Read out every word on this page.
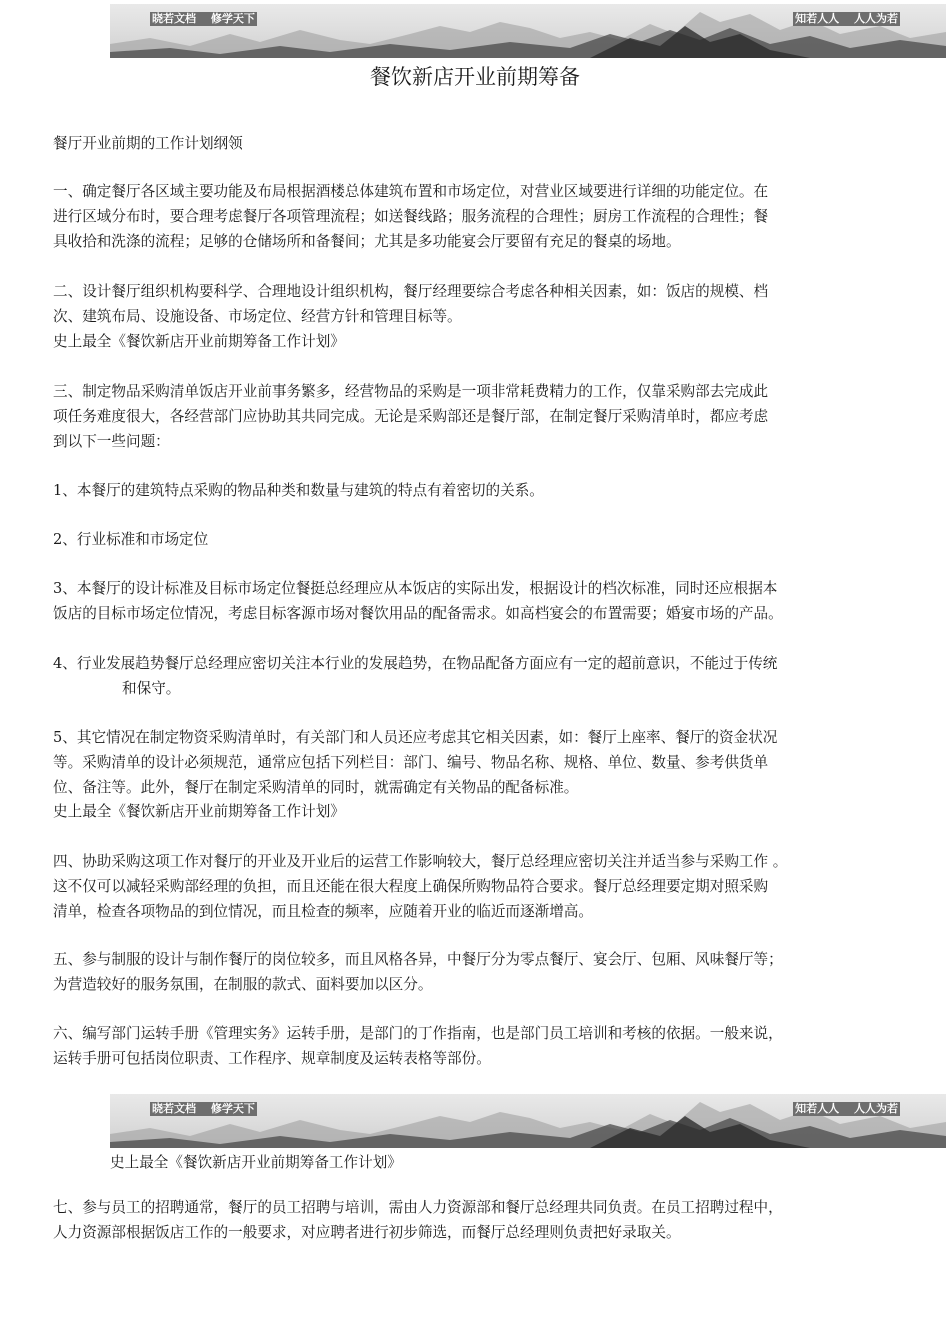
晓若文档　 修学天下	知若人人　 人人为若
餐饮新店开业前期筹备
餐厅开业前期的工作计划纲领
一、确定餐厅各区域主要功能及布局根据酒楼总体建筑布置和市场定位，对营业区域要进行详细的功能定位。在
进行区域分布时，要合理考虑餐厅各项管理流程；如送餐线路；服务流程的合理性；厨房工作流程的合理性；餐
具收拾和洗涤的流程；足够的仓储场所和备餐间；尤其是多功能宴会厅要留有充足的餐桌的场地。
二、设计餐厅组织机构要科学、合理地设计组织机构，餐厅经理要综合考虑各种相关因素，如：饭店的规模、档
次、建筑布局、设施设备、市场定位、经营方针和管理目标等。
史上最全《餐饮新店开业前期筹备工作计划》
三、制定物品采购清单饭店开业前事务繁多，经营物品的采购是一项非常耗费精力的工作，仅靠采购部去完成此
项任务难度很大，各经营部门应协助其共同完成。无论是采购部还是餐厅部，在制定餐厅采购清单时，都应考虑
到以下一些问题：
1、本餐厅的建筑特点采购的物品种类和数量与建筑的特点有着密切的关系。
2、行业标准和市场定位
3、本餐厅的设计标准及目标市场定位餐挺总经理应从本饭店的实际出发，根据设计的档次标准，同时还应根据本
饭店的目标市场定位情况，考虑目标客源市场对餐饮用品的配备需求。如高档宴会的布置需要；婚宴市场的产品。
4、行业发展趋势餐厅总经理应密切关注本行业的发展趋势，在物品配备方面应有一定的超前意识，不能过于传统
和保守。
5、其它情况在制定物资采购清单时，有关部门和人员还应考虑其它相关因素，如：餐厅上座率、餐厅的资金状况
等。采购清单的设计必须规范，通常应包括下列栏目：部门、编号、物品名称、规格、单位、数量、参考供货单
位、备注等。此外，餐厅在制定采购清单的同时，就需确定有关物品的配备标准。
史上最全《餐饮新店开业前期筹备工作计划》
四、协助采购这项工作对餐厅的开业及开业后的运营工作影响较大，餐厅总经理应密切关注并适当参与采购工作 。
这不仅可以减轻采购部经理的负担，而且还能在很大程度上确保所购物品符合要求。餐厅总经理要定期对照采购
清单，检查各项物品的到位情况，而且检查的频率，应随着开业的临近而逐渐增高。
五、参与制服的设计与制作餐厅的岗位较多，而且风格各异，中餐厅分为零点餐厅、宴会厅、包厢、风味餐厅等；
为营造较好的服务氛围，在制服的款式、面料要加以区分。
六、编写部门运转手册《管理实务》运转手册，是部门的丁作指南，也是部门员工培训和考核的依据。一般来说，
运转手册可包括岗位职责、工作程序、规章制度及运转表格等部份。
晓若文档　 修学天下	知若人人　 人人为若
史上最全《餐饮新店开业前期筹备工作计划》
七、参与员工的招聘通常，餐厅的员工招聘与培训，需由人力资源部和餐厅总经理共同负责。在员工招聘过程中，
人力资源部根据饭店工作的一般要求，对应聘者进行初步筛选，而餐厅总经理则负责把好录取关。
